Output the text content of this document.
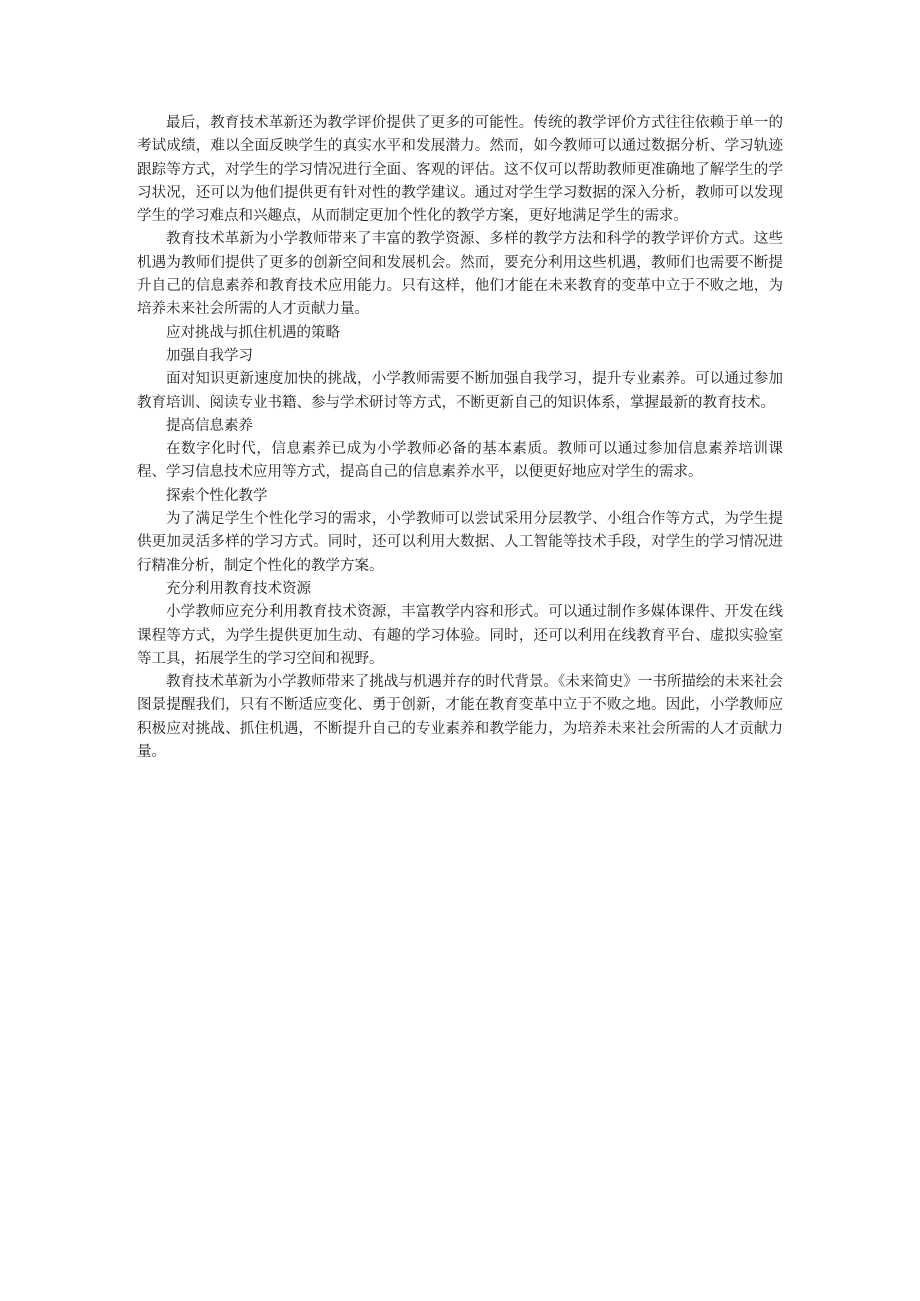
最后，教育技术革新还为教学评价提供了更多的可能性。传统的教学评价方式往往依赖于单一的考试成绩，难以全面反映学生的真实水平和发展潜力。然而，如今教师可以通过数据分析、学习轨迹跟踪等方式，对学生的学习情况进行全面、客观的评估。这不仅可以帮助教师更准确地了解学生的学习状况，还可以为他们提供更有针对性的教学建议。通过对学生学习数据的深入分析，教师可以发现学生的学习难点和兴趣点，从而制定更加个性化的教学方案，更好地满足学生的需求。

教育技术革新为小学教师带来了丰富的教学资源、多样的教学方法和科学的教学评价方式。这些机遇为教师们提供了更多的创新空间和发展机会。然而，要充分利用这些机遇，教师们也需要不断提升自己的信息素养和教育技术应用能力。只有这样，他们才能在未来教育的变革中立于不败之地，为培养未来社会所需的人才贡献力量。

应对挑战与抓住机遇的策略

加强自我学习

面对知识更新速度加快的挑战，小学教师需要不断加强自我学习，提升专业素养。可以通过参加教育培训、阅读专业书籍、参与学术研讨等方式，不断更新自己的知识体系，掌握最新的教育技术。

提高信息素养

在数字化时代，信息素养已成为小学教师必备的基本素质。教师可以通过参加信息素养培训课程、学习信息技术应用等方式，提高自己的信息素养水平，以便更好地应对学生的需求。

探索个性化教学

为了满足学生个性化学习的需求，小学教师可以尝试采用分层教学、小组合作等方式，为学生提供更加灵活多样的学习方式。同时，还可以利用大数据、人工智能等技术手段，对学生的学习情况进行精准分析，制定个性化的教学方案。

充分利用教育技术资源

小学教师应充分利用教育技术资源，丰富教学内容和形式。可以通过制作多媒体课件、开发在线课程等方式，为学生提供更加生动、有趣的学习体验。同时，还可以利用在线教育平台、虚拟实验室等工具，拓展学生的学习空间和视野。

教育技术革新为小学教师带来了挑战与机遇并存的时代背景。《未来简史》一书所描绘的未来社会图景提醒我们，只有不断适应变化、勇于创新，才能在教育变革中立于不败之地。因此，小学教师应积极应对挑战、抓住机遇，不断提升自己的专业素养和教学能力，为培养未来社会所需的人才贡献力量。
